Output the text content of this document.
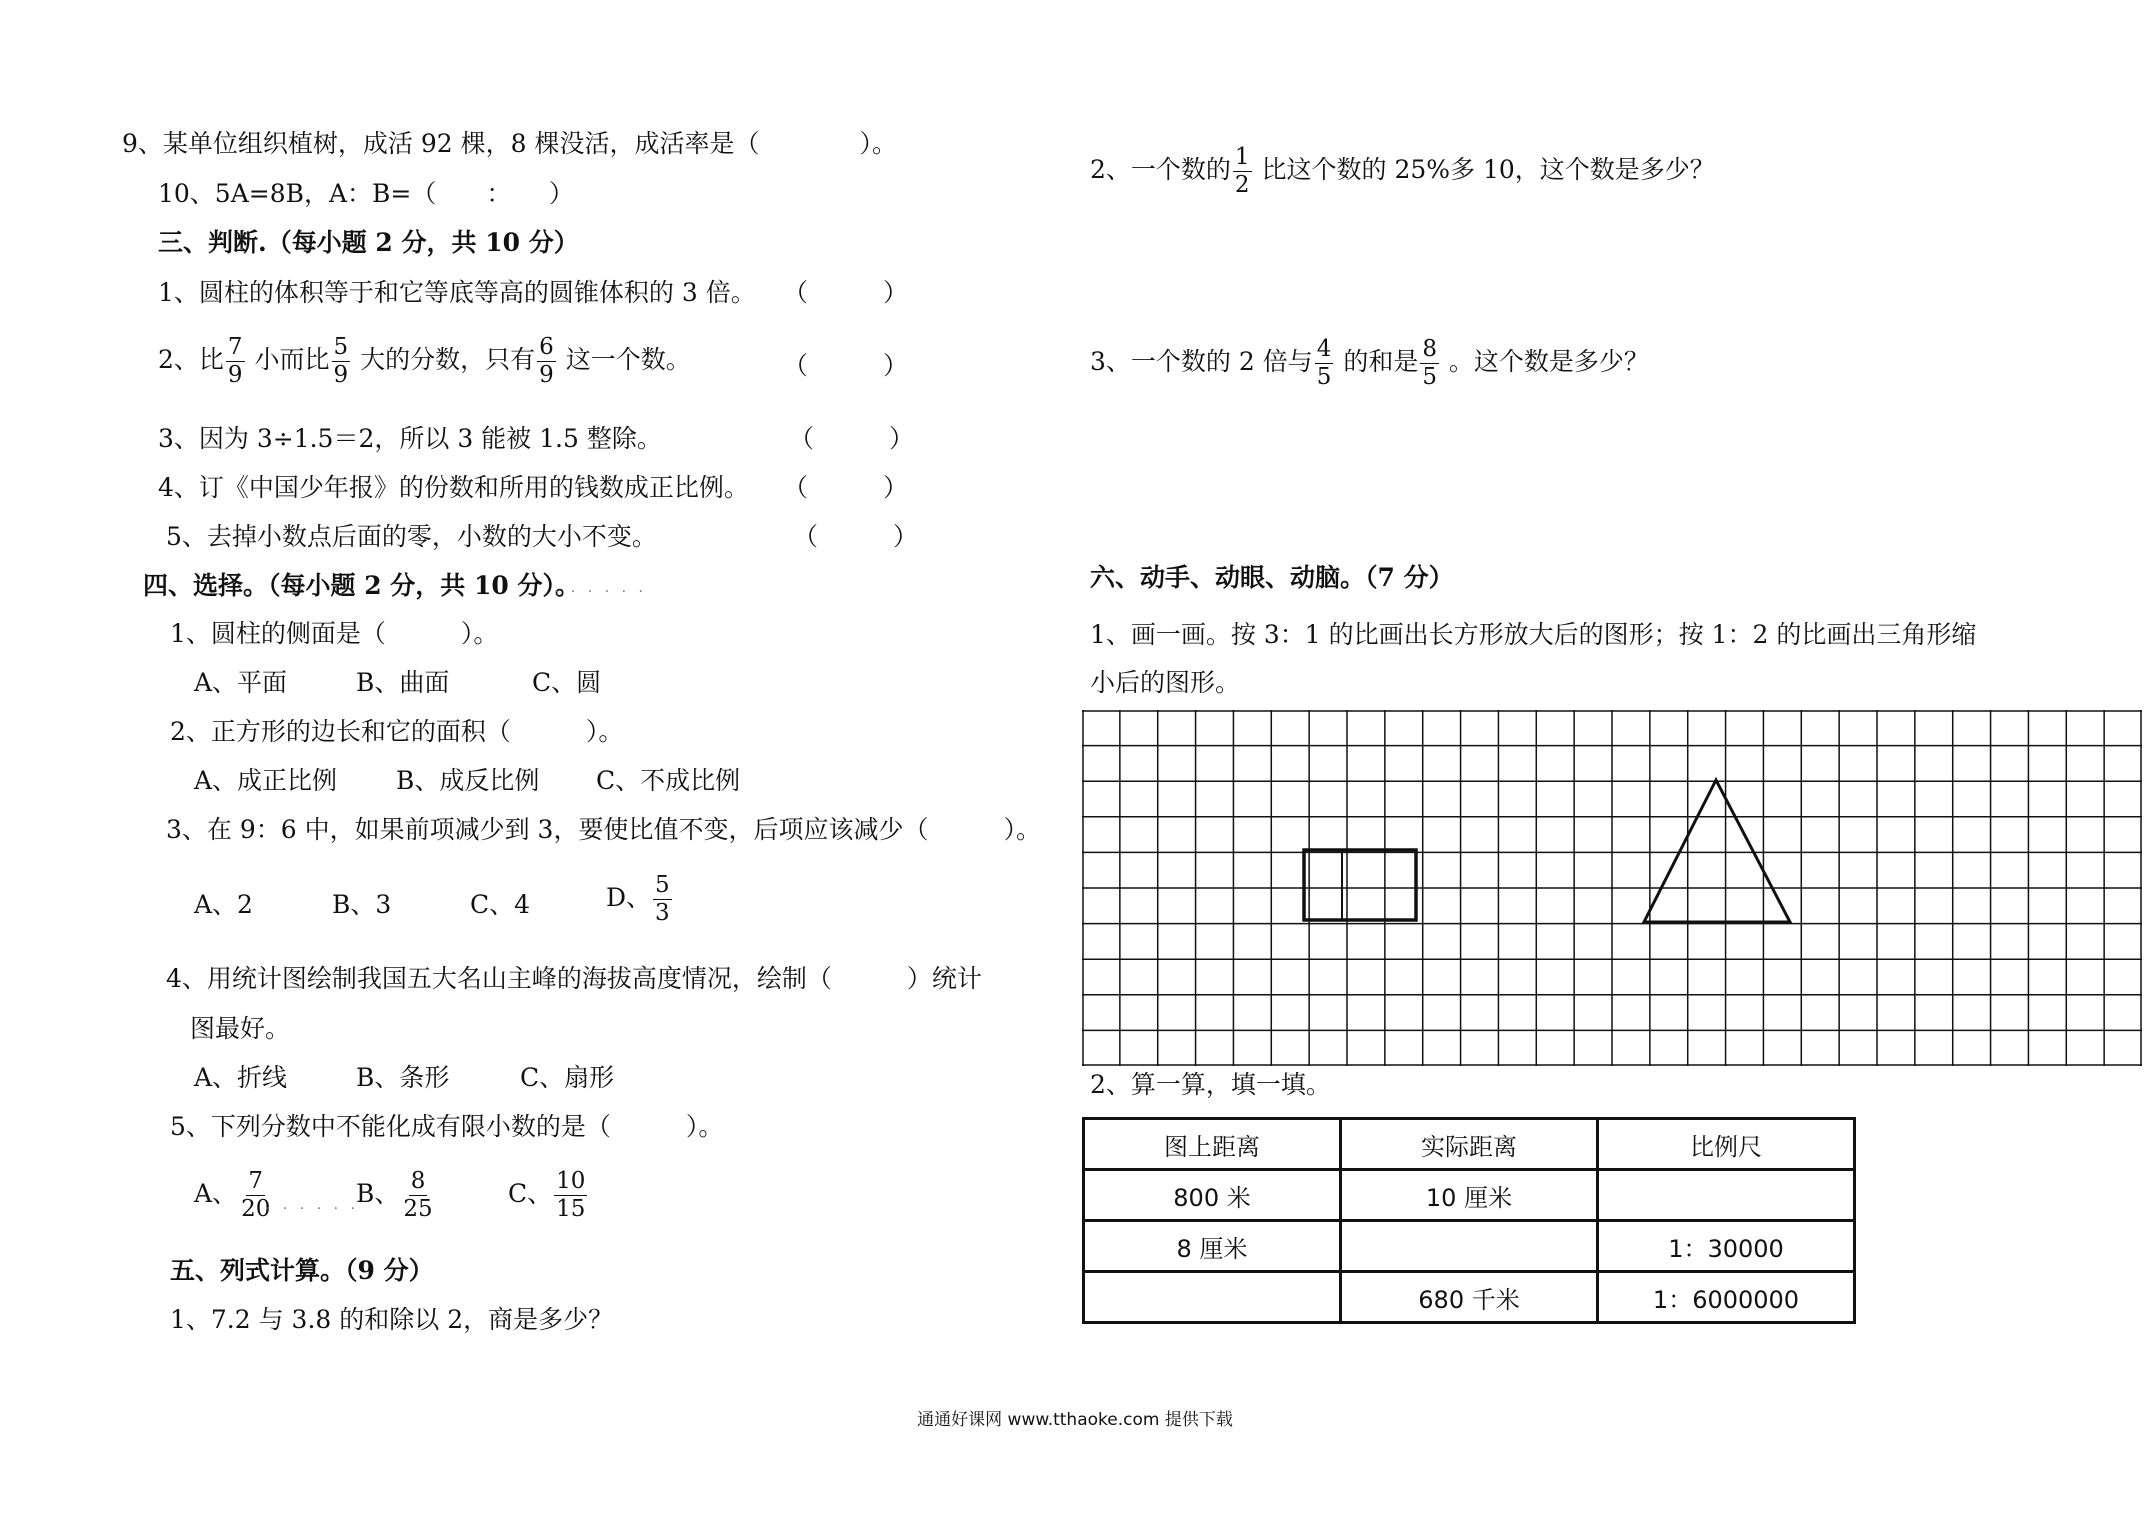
9、某单位组织植树，成活 92 棵，8 棵没活，成活率是（　　　　）。
10、5A=8B，A：B=（　　：　　）
三、判断.（每小题 2 分，共 10 分）
1、圆柱的体积等于和它等底等高的圆锥体积的 3 倍。 （　　　）
2、比 $\frac{7}{9}$ 小而比 $\frac{5}{9}$ 大的分数，只有 $\frac{6}{9}$ 这一个数。	（　　　）
3、因为 3÷1.5＝2，所以 3 能被 1.5 整除。	（　　　）
4、订《中国少年报》的份数和所用的钱数成正比例。 （　　　）
5、去掉小数点后面的零，小数的大小不变。	（　　　）
四、选择。（每小题 2 分，共 10 分）。
· · · · · ·
1、圆柱的侧面是（　　　）。
A、平面	B、曲面	C、圆
2、正方形的边长和它的面积（　　　）。
A、成正比例 B、成反比例 C、不成比例
3、在 9：6 中，如果前项减少到 3，要使比值不变，后项应该减少（　　　）。
A、2	B、3	C、4	D、 $\frac{5}{3}$
4、用统计图绘制我国五大名山主峰的海拔高度情况，绘制（　　　）统计
图最好。
A、折线	B、条形	C、扇形
5、下列分数中不能化成有限小数的是（　　　）。
A、 $\frac{7}{20}$
· · · · · ·
B、 $\frac{8}{25}$	C、 $\frac{10}{15}$
五、列式计算。（9 分）
1、7.2 与 3.8 的和除以 2，商是多少？
2、一个数的 $\frac{1}{2}$ 比这个数的 25%多 10，这个数是多少？
3、一个数的 2 倍与 $\frac{4}{5}$ 的和是 $\frac{8}{5}$ 。这个数是多少？
六、动手、动眼、动脑。（7 分）
1、画一画。按 3：1 的比画出长方形放大后的图形；按 1：2 的比画出三角形缩
小后的图形。
2、算一算，填一填。
图上距离	实际距离	比例尺
800 米	10 厘米	
8 厘米		1：30000
	680 千米	1：6000000
通通好课网 www.tthaoke.com 提供下载
